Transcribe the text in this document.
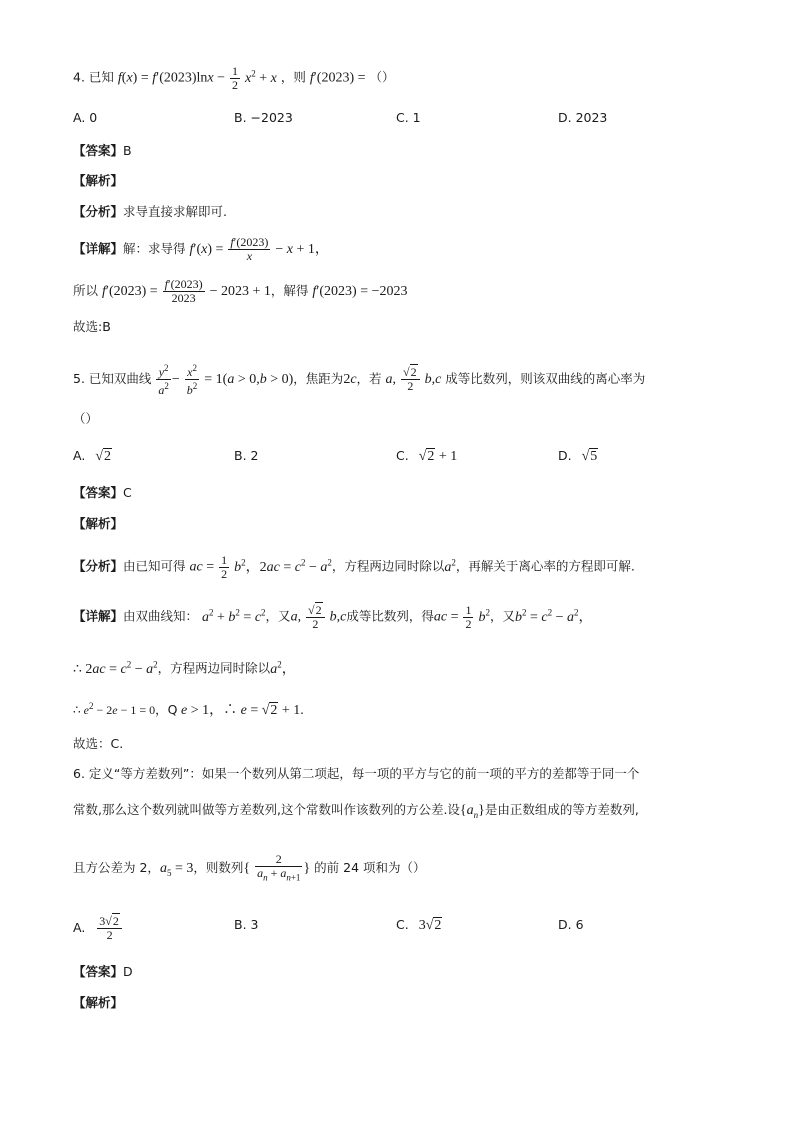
4. 已知 $f(x) = f'(2023)\ln x - \frac{1}{2} x^2 + x$ ，则 f′(2023) = （）
A. 0	B. −2023	C. 1	D. 2023
【答案】B
【解析】
【分析】求导直接求解即可.
【详解】解：求导得 $f'(x) = \frac{f'(2023)}{x} - x + 1$，
所以 $f'(2023) = \frac{f'(2023)}{2023} - 2023 + 1$，解得 f′(2023) = −2023
故选:B
5. 已知双曲线 $\frac{y^2}{a^2} - \frac{x^2}{b^2} = 1(a > 0,b > 0)$，焦距为2c，若 a, $\frac{√2}{2} b,c$ 成等比数列，则该双曲线的离心率为
（）
A. √2	B. 2	C. √2 + 1	D. √5
【答案】C
【解析】
【分析】由已知可得 ac = $\frac{1}{2} b^2$，$2ac = c^2 - a^2$，方程两边同时除以$a^2$，再解关于离心率的方程即可解.
【详解】由双曲线知： $a^2 + b^2 = c^2$，又a, $\frac{√2}{2} b,c$成等比数列，得ac = $\frac{1}{2} b^2$，又$b^2 = c^2 - a^2$，
∴ $2ac = c^2 - a^2$，方程两边同时除以$a^2$，
∴ $e^2 - 2e - 1 = 0$，Q e > 1，∴ e = √2 + 1.
故选：C.
6. 定义“等方差数列”：如果一个数列从第二项起，每一项的平方与它的前一项的平方的差都等于同一个
常数,那么这个数列就叫做等方差数列,这个常数叫作该数列的方公差.设$\{a_n\}$是由正数组成的等方差数列,
且方公差为 2，$a_5 = 3$，则数列{ $\frac{2}{a_n + a_{n+1}}$ } 的前 24 项和为（）
A. $\frac{3√2}{2}$	B. 3	C. 3√2	D. 6
【答案】D
【解析】
